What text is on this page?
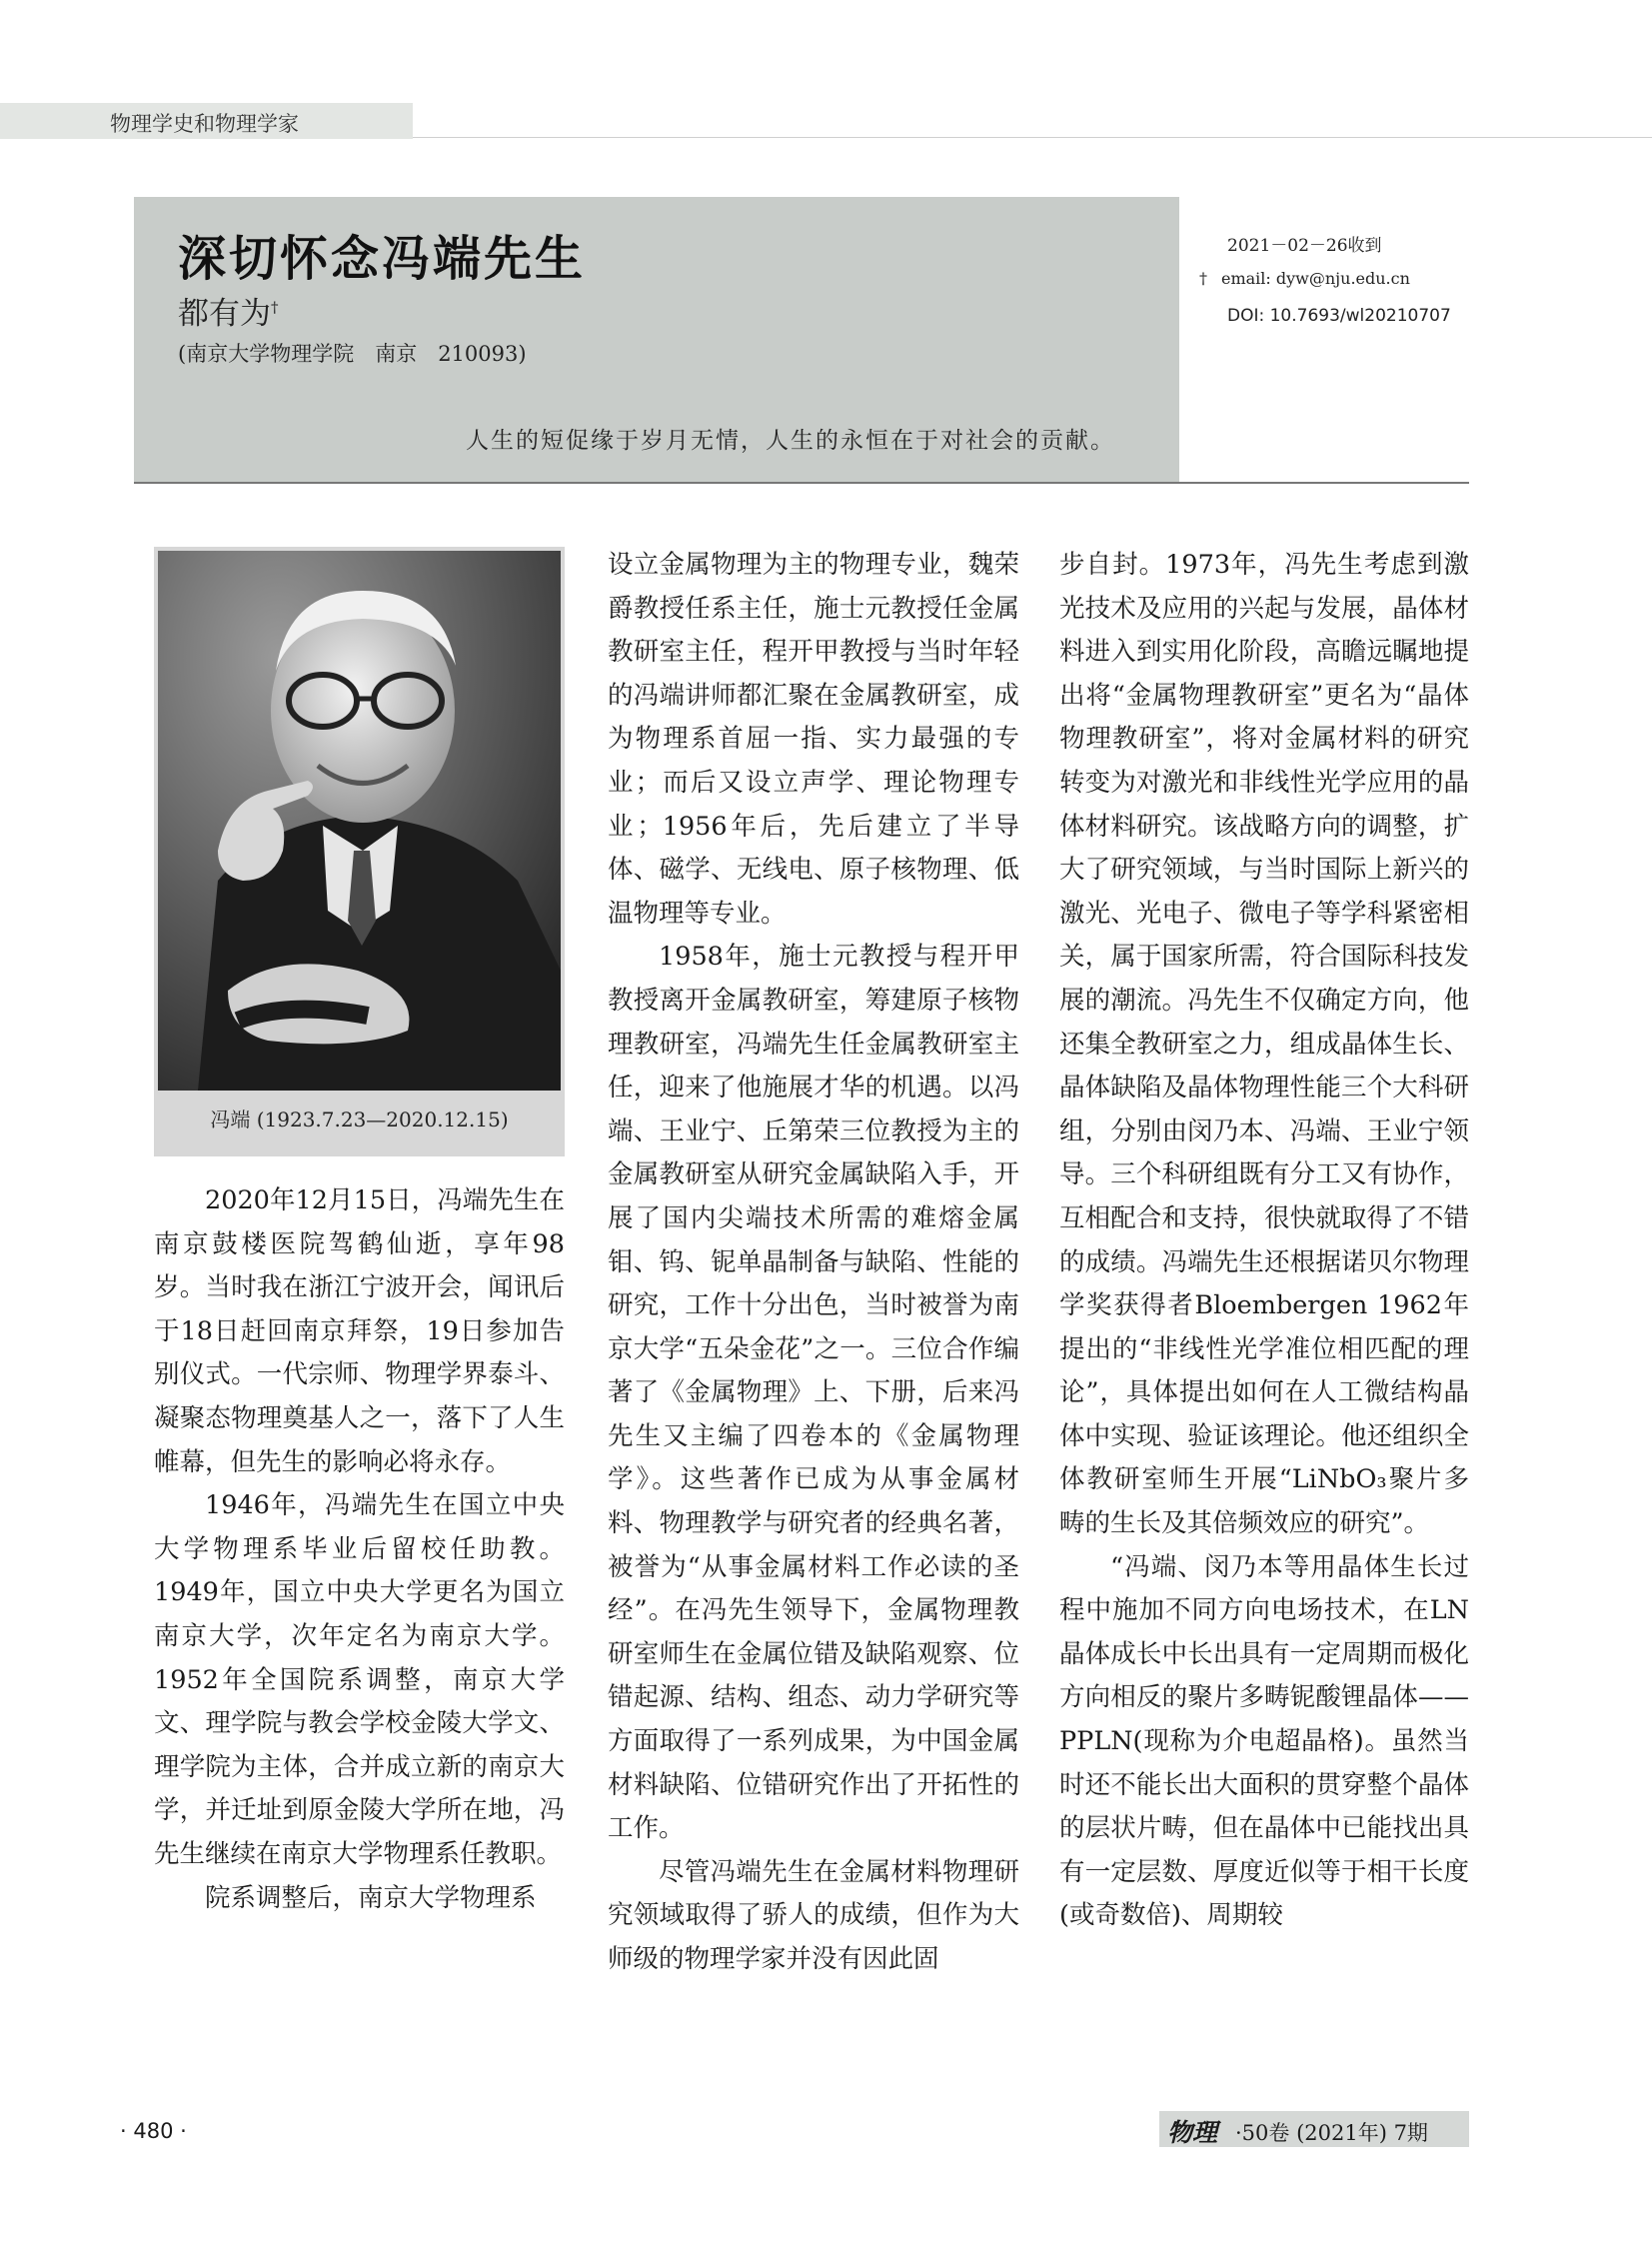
物理学史和物理学家
深切怀念冯端先生
都有为†
(南京大学物理学院　南京　210093)
人生的短促缘于岁月无情，人生的永恒在于对社会的贡献。
2021－02－26收到
† email: dyw@nju.edu.cn
DOI: 10.7693/wl20210707
冯端 (1923.7.23—2020.12.15)

2020年12月15日，冯端先生在南京鼓楼医院驾鹤仙逝，享年98岁。当时我在浙江宁波开会，闻讯后于18日赶回南京拜祭，19日参加告别仪式。一代宗师、物理学界泰斗、凝聚态物理奠基人之一，落下了人生帷幕，但先生的影响必将永存。

1946年，冯端先生在国立中央大学物理系毕业后留校任助教。1949年，国立中央大学更名为国立南京大学，次年定名为南京大学。1952年全国院系调整，南京大学文、理学院与教会学校金陵大学文、理学院为主体，合并成立新的南京大学，并迁址到原金陵大学所在地，冯先生继续在南京大学物理系任教职。

院系调整后，南京大学物理系

设立金属物理为主的物理专业，魏荣爵教授任系主任，施士元教授任金属教研室主任，程开甲教授与当时年轻的冯端讲师都汇聚在金属教研室，成为物理系首屈一指、实力最强的专业；而后又设立声学、理论物理专业；1956年后，先后建立了半导体、磁学、无线电、原子核物理、低温物理等专业。

1958年，施士元教授与程开甲教授离开金属教研室，筹建原子核物理教研室，冯端先生任金属教研室主任，迎来了他施展才华的机遇。以冯端、王业宁、丘第荣三位教授为主的金属教研室从研究金属缺陷入手，开展了国内尖端技术所需的难熔金属钼、钨、铌单晶制备与缺陷、性能的研究，工作十分出色，当时被誉为南京大学“五朵金花”之一。三位合作编著了《金属物理》上、下册，后来冯先生又主编了四卷本的《金属物理学》。这些著作已成为从事金属材料、物理教学与研究者的经典名著，被誉为“从事金属材料工作必读的圣经”。在冯先生领导下，金属物理教研室师生在金属位错及缺陷观察、位错起源、结构、组态、动力学研究等方面取得了一系列成果，为中国金属材料缺陷、位错研究作出了开拓性的工作。

尽管冯端先生在金属材料物理研究领域取得了骄人的成绩，但作为大师级的物理学家并没有因此固

步自封。1973年，冯先生考虑到激光技术及应用的兴起与发展，晶体材料进入到实用化阶段，高瞻远瞩地提出将“金属物理教研室”更名为“晶体物理教研室”，将对金属材料的研究转变为对激光和非线性光学应用的晶体材料研究。该战略方向的调整，扩大了研究领域，与当时国际上新兴的激光、光电子、微电子等学科紧密相关，属于国家所需，符合国际科技发展的潮流。冯先生不仅确定方向，他还集全教研室之力，组成晶体生长、晶体缺陷及晶体物理性能三个大科研组，分别由闵乃本、冯端、王业宁领导。三个科研组既有分工又有协作，互相配合和支持，很快就取得了不错的成绩。冯端先生还根据诺贝尔物理学奖获得者Bloembergen 1962年提出的“非线性光学准位相匹配的理论”，具体提出如何在人工微结构晶体中实现、验证该理论。他还组织全体教研室师生开展“LiNbO₃聚片多畴的生长及其倍频效应的研究”。

“冯端、闵乃本等用晶体生长过程中施加不同方向电场技术，在LN晶体成长中长出具有一定周期而极化方向相反的聚片多畴铌酸锂晶体——PPLN(现称为介电超晶格)。虽然当时还不能长出大面积的贯穿整个晶体的层状片畴，但在晶体中已能找出具有一定层数、厚度近似等于相干长度(或奇数倍)、周期较

· 480 ·	物理 ·50卷 (2021年) 7期
